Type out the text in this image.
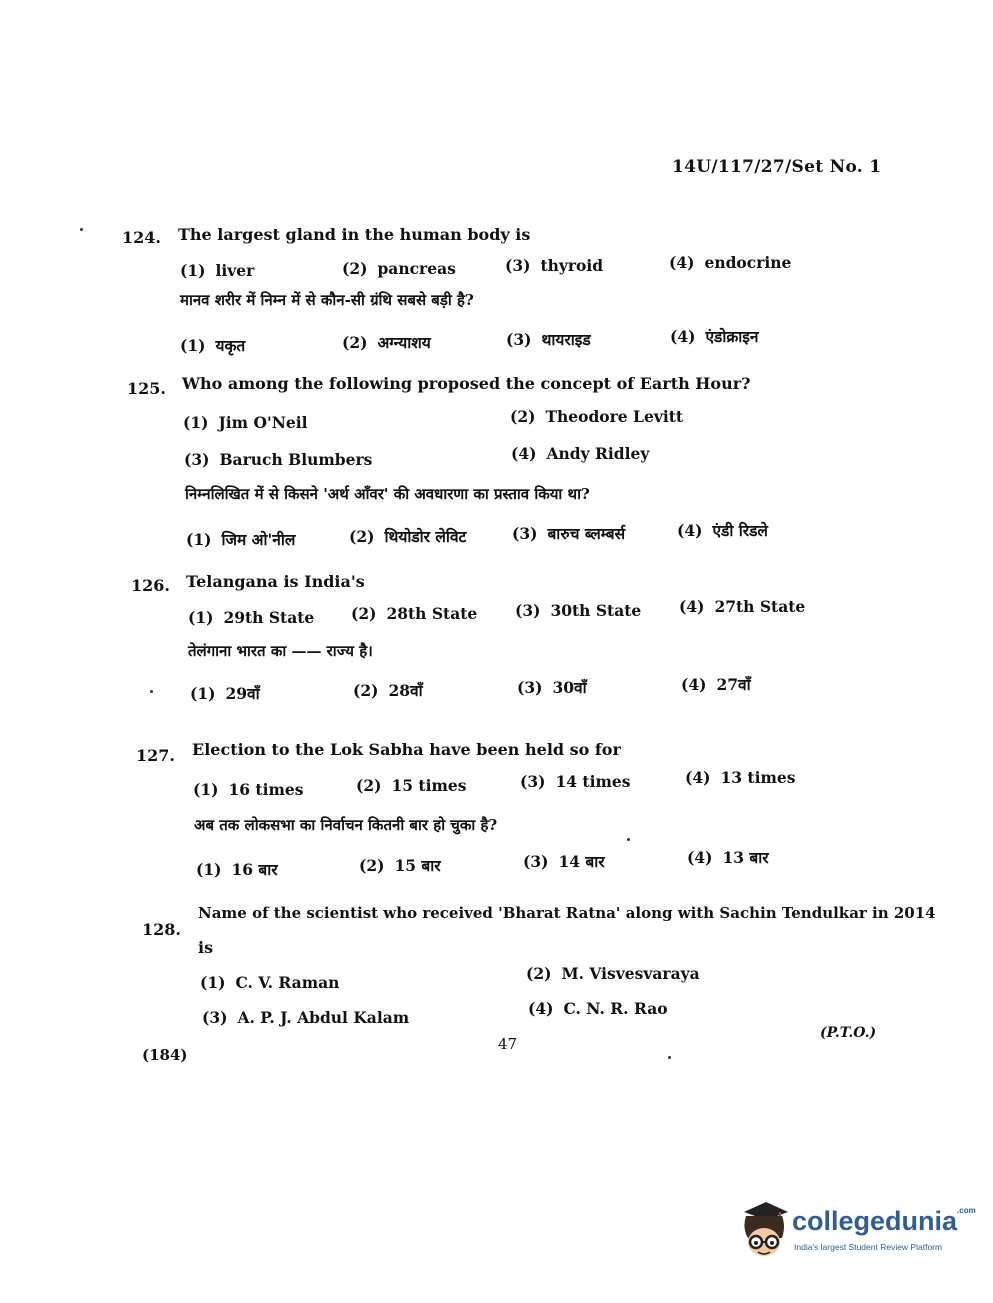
14U/117/27/Set No. 1
124. The largest gland in the human body is
(1) liver	(2) pancreas	(3) thyroid	(4) endocrine
मानव शरीर में निम्न में से कौन-सी ग्रंथि सबसे बड़ी है?
(1) यकृत	(2) अग्न्याशय	(3) थायराइड	(4) एंडोक्राइन
125. Who among the following proposed the concept of Earth Hour?
(1) Jim O'Neil	(2) Theodore Levitt
(3) Baruch Blumbers	(4) Andy Ridley
निम्नलिखित में से किसने 'अर्थ आँवर' की अवधारणा का प्रस्ताव किया था?
(1) जिम ओ'नील	(2) थियोडोर लेविट	(3) बारुच ब्लम्बर्स	(4) एंडी रिडले
126. Telangana is India's
(1) 29th State (2) 28th State (3) 30th State (4) 27th State
तेलंगाना भारत का —— राज्य है।
(1) 29वाँ	(2) 28वाँ	(3) 30वाँ	(4) 27वाँ
127. Election to the Lok Sabha have been held so for
(1) 16 times	(2) 15 times	(3) 14 times	(4) 13 times
अब तक लोकसभा का निर्वाचन कितनी बार हो चुका है?
(1) 16 बार	(2) 15 बार	(3) 14 बार	(4) 13 बार
128.
Name of the scientist who received 'Bharat Ratna' along with Sachin Tendulkar in 2014
is
(1) C. V. Raman	(2) M. Visvesvaraya
(3) A. P. J. Abdul Kalam	(4) C. N. R. Rao
(184)
47
(P.T.O.)
collegedunia$^{.com}$
India's largest Student Review Platform
